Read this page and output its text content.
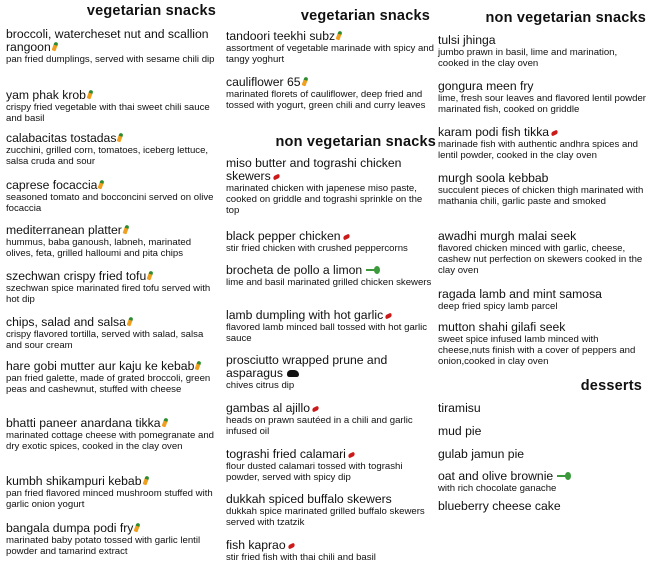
vegetarian snacks
broccoli, watercheset nut and scallion rangoon
pan fried dumplings, served with sesame chili dip
yam phak krob
crispy fried vegetable with thai sweet chili sauce and basil
calabacitas tostadas
zucchini, grilled corn, tomatoes, iceberg lettuce, salsa cruda and sour
caprese focaccia
seasoned tomato and bocconcini served on olive focaccia
mediterranean platter
hummus, baba ganoush, labneh, marinated olives, feta, grilled halloumi and pita chips
szechwan crispy fried tofu
szechwan spice marinated fired tofu served with hot dip
chips, salad and salsa
crispy flavored tortilla, served with salad, salsa and sour cream
hare gobi mutter aur kaju ke kebab
pan fried galette, made of grated broccoli, green peas and cashewnut, stuffed with cheese
bhatti paneer anardana tikka
marinated cottage cheese with pomegranate and dry exotic spices, cooked in the clay oven
kumbh shikampuri kebab
pan fried flavored minced mushroom stuffed with garlic onion yogurt
bangala dumpa podi fry
marinated baby potato tossed with garlic lentil powder and tamarind extract
vegetarian snacks
tandoori teekhi subz
assortment of vegetable marinade with spicy and tangy yoghurt
cauliflower 65
marinated florets of cauliflower, deep fried and tossed with yogurt, green chili and curry leaves
non vegetarian snacks
miso butter and tograshi chicken skewers
marinated chicken with japenese miso paste, cooked on griddle and tograshi sprinkle on the top
black pepper chicken
stir fried chicken with crushed peppercorns
brocheta de pollo a limon
lime and basil marinated grilled chicken skewers
lamb dumpling with hot garlic
flavored lamb minced ball tossed with hot garlic sauce
prosciutto wrapped prune and asparagus
chives citrus dip
gambas al ajillo
heads on prawn sautéed in a chili and garlic infused oil
tograshi fried calamari
flour dusted calamari tossed with tograshi powder, served with spicy dip
dukkah spiced buffalo skewers
dukkah spice marinated grilled buffalo skewers served with tzatzik
fish kaprao
stir fried fish with thai chili and basil
non vegetarian snacks
tulsi jhinga
jumbo prawn in basil, lime and marination, cooked in the clay oven
gongura meen fry
lime, fresh sour leaves and flavored lentil powder marinated fish, cooked on griddle
karam podi fish tikka
marinade fish with authentic andhra spices and lentil powder, cooked in the clay oven
murgh soola kebbab
succulent pieces of chicken thigh marinated with mathania chili, garlic paste and smoked
awadhi murgh malai seek
flavored chicken minced with garlic, cheese, cashew nut perfection on skewers cooked in the clay oven
ragada lamb and mint samosa
deep fried spicy lamb parcel
mutton shahi gilafi seek
sweet spice infused lamb minced with cheese,nuts finish with a cover of peppers and onion,cooked in clay oven
desserts
tiramisu
mud pie
gulab jamun pie
oat and olive brownie
with rich chocolate ganache
blueberry cheese cake
